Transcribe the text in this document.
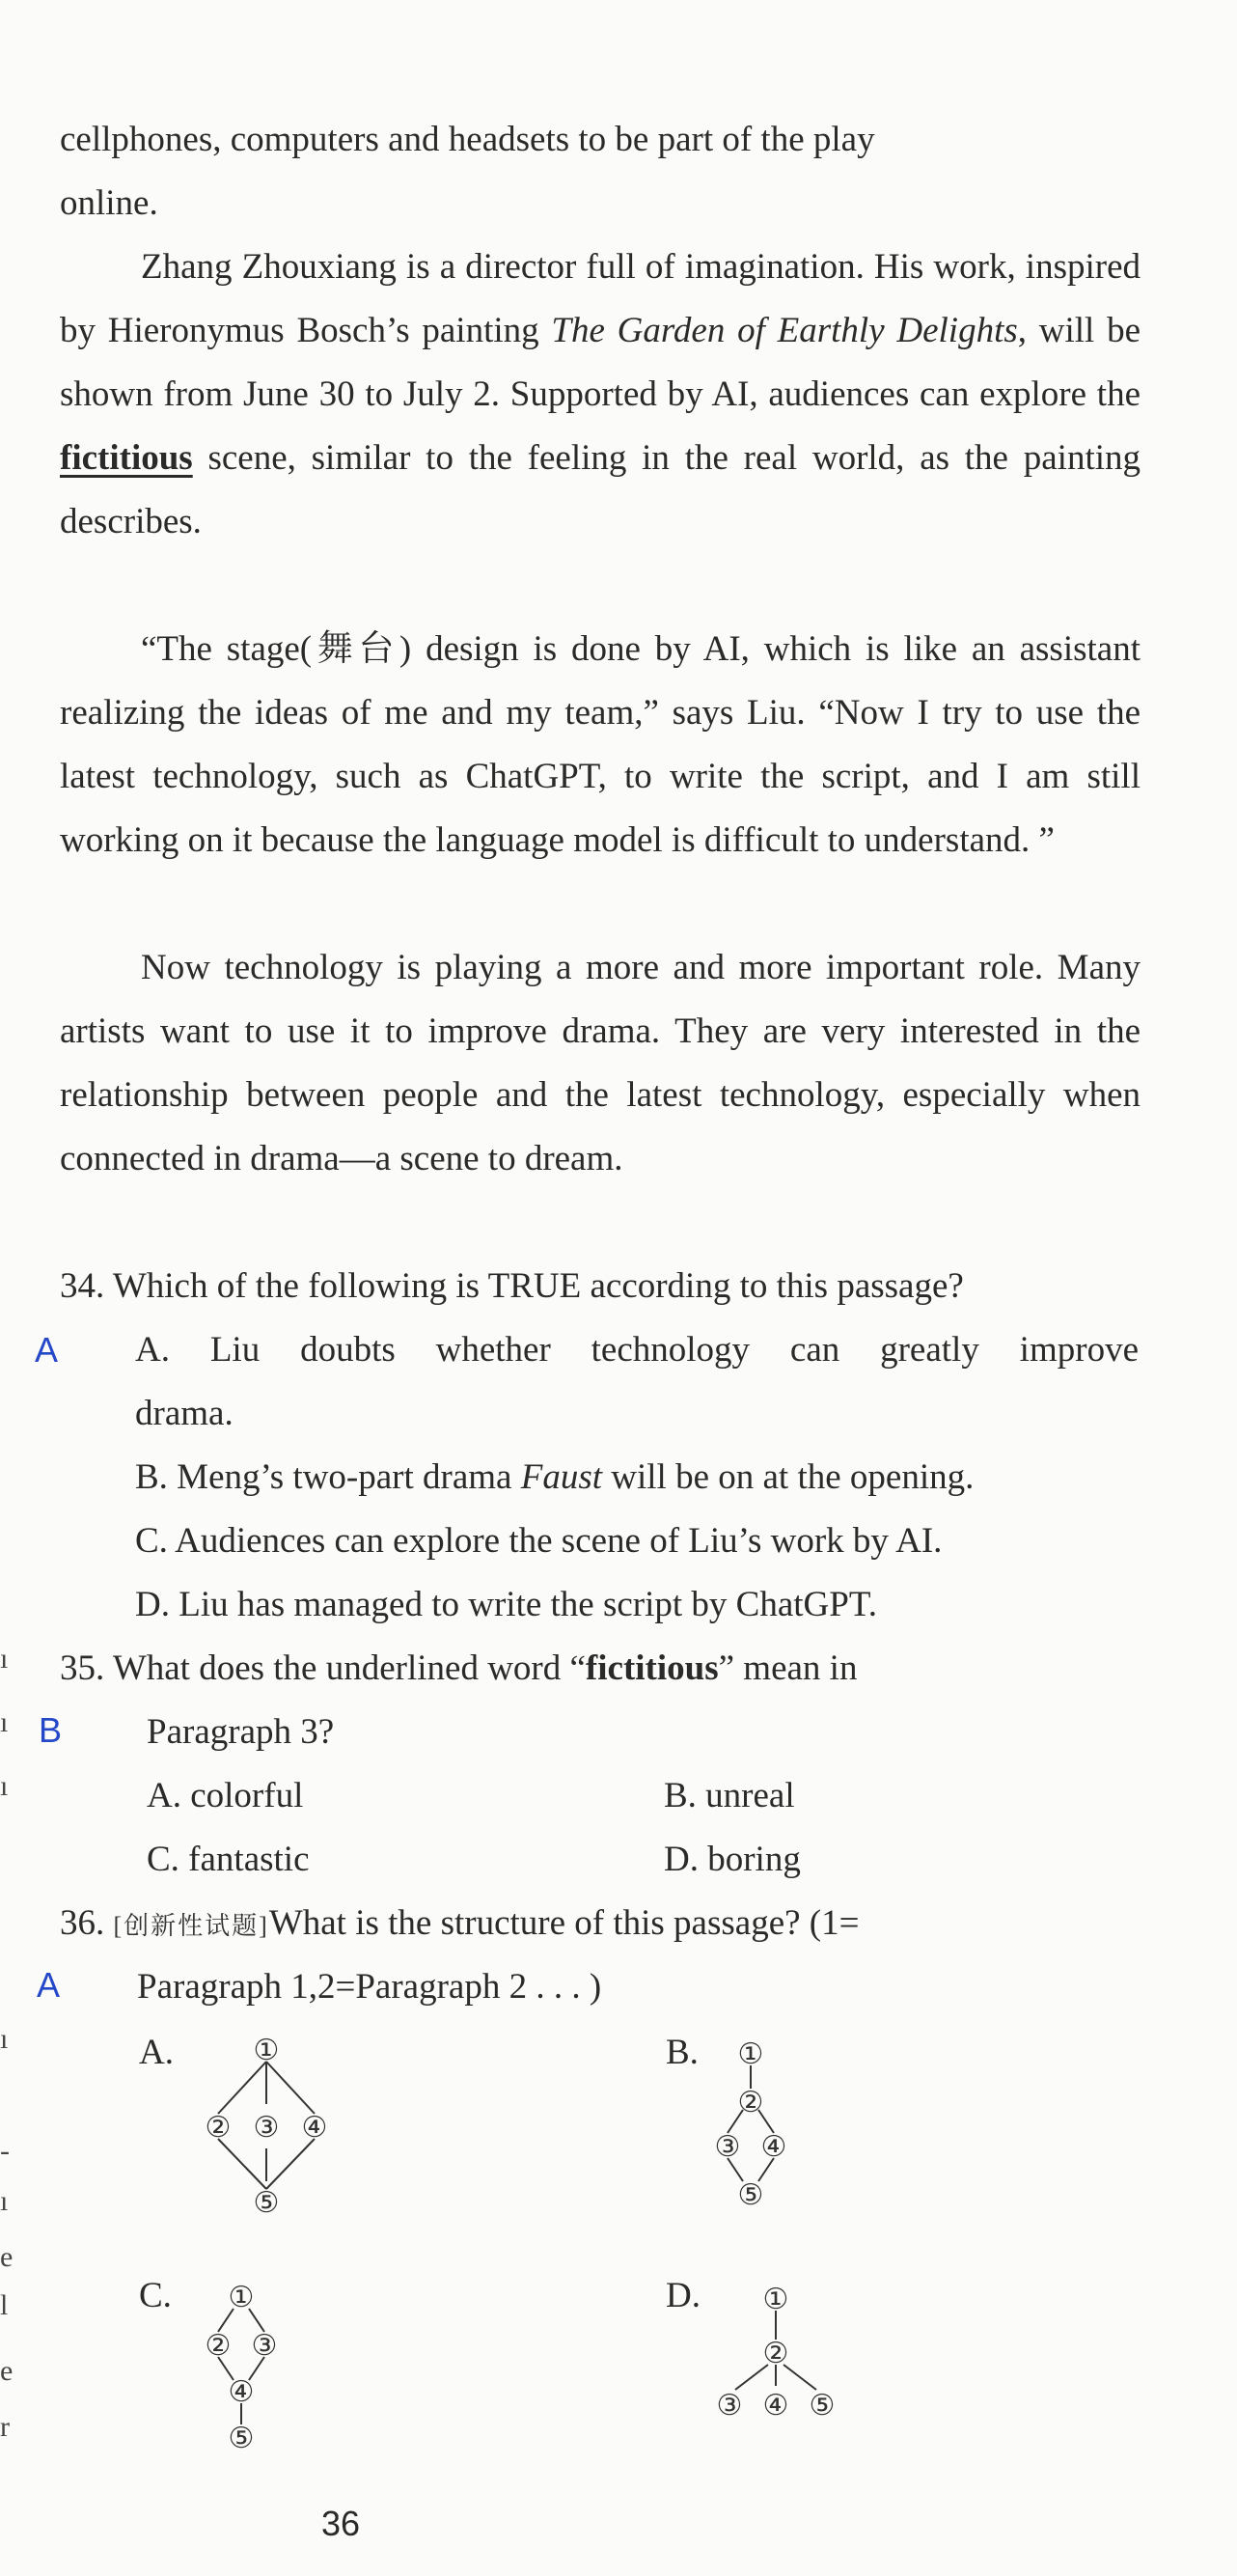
cellphones, computers and headsets to be part of the play
online.

Zhang Zhouxiang is a director full of imagination. His work, inspired by Hieronymus Bosch’s painting The Garden of Earthly Delights, will be shown from June 30 to July 2. Supported by AI, audiences can explore the fictitious scene, similar to the feeling in the real world, as the painting describes.

“The stage(舞台) design is done by AI, which is like an assistant realizing the ideas of me and my team,” says Liu. “Now I try to use the latest technology, such as ChatGPT, to write the script, and I am still working on it because the language model is difficult to understand. ”

Now technology is playing a more and more important role. Many artists want to use it to improve drama. They are very interested in the relationship between people and the latest technology, especially when connected in drama—a scene to dream.

34. Which of the following is TRUE according to this passage?
A A. Liu doubts whether technology can greatly improve
drama.
B. Meng’s two-part drama Faust will be on at the opening.
C. Audiences can explore the scene of Liu’s work by AI.
D. Liu has managed to write the script by ChatGPT.
35. What does the underlined word “fictitious” mean in
B Paragraph 3?
A. colorful	B. unreal
C. fantastic	D. boring
36. [创新性试题]What is the structure of this passage? (1=
A Paragraph 1,2=Paragraph 2 . . . )
A.	B.
C.	D.
①
② ③ ④
⑤
①
②
③ ④
⑤
①
② ③
④
⑤
①
②
③ ④ ⑤
ı
ı
ı
ı
-
ı
e
l
e
r
36
